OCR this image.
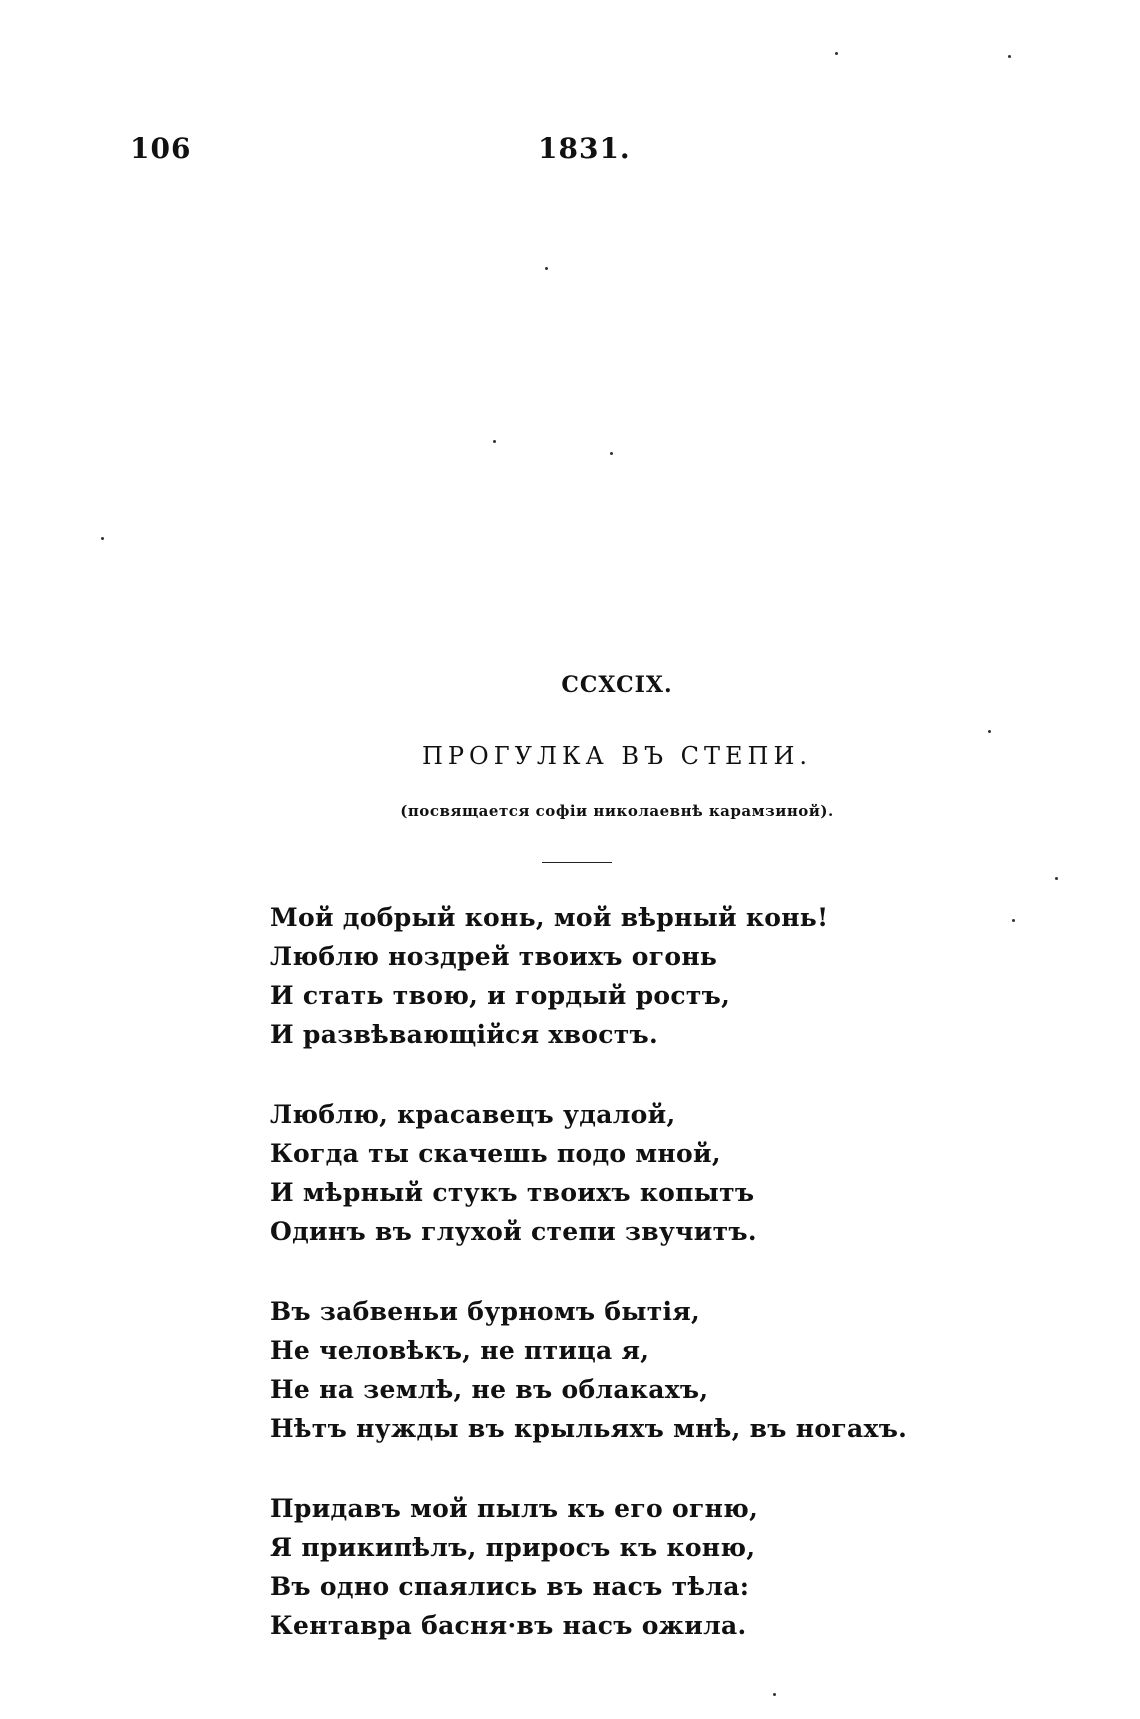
106	1831.
CCXCIX.
ПРОГУЛКА ВЪ СТЕПИ.
(посвящается софіи николаевнѣ карамзиной).
Мой добрый конь, мой вѣрный конь!
Люблю ноздрей твоихъ огонь
И стать твою, и гордый ростъ,
И развѣвающійся хвостъ.
Люблю, красавецъ удалой,
Когда ты скачешь подо мной,
И мѣрный стукъ твоихъ копытъ
Одинъ въ глухой степи звучитъ.
Въ забвеньи бурномъ бытія,
Не человѣкъ, не птица я,
Не на землѣ, не въ облакахъ,
Нѣтъ нужды въ крыльяхъ мнѣ, въ ногахъ.
Придавъ мой пылъ къ его огню,
Я прикипѣлъ, приросъ къ коню,
Въ одно спаялись въ насъ тѣла:
Кентавра басня·въ насъ ожила.
